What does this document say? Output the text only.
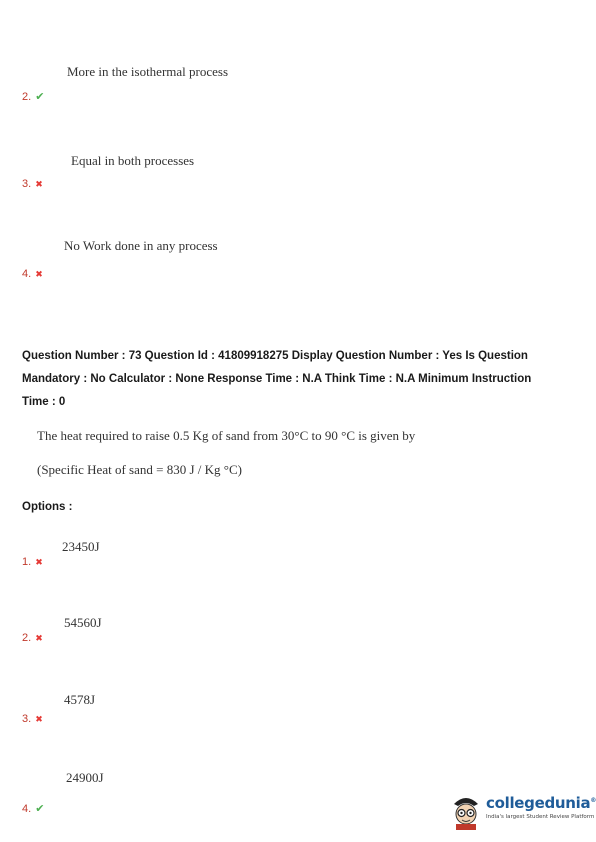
More in the isothermal process
2. ✔
Equal in both processes
3. ✖
No Work done in any process
4. ✖
Question Number : 73 Question Id : 41809918275 Display Question Number : Yes Is Question
Mandatory : No Calculator : None Response Time : N.A Think Time : N.A Minimum Instruction
Time : 0
The heat required to raise 0.5 Kg of sand from 30°C to 90 °C is given by
(Specific Heat of sand = 830 J / Kg °C)
Options :
23450J
1. ✖
54560J
2. ✖
4578J
3. ✖
24900J
4. ✔	collegedunia®
India's largest Student Review Platform
